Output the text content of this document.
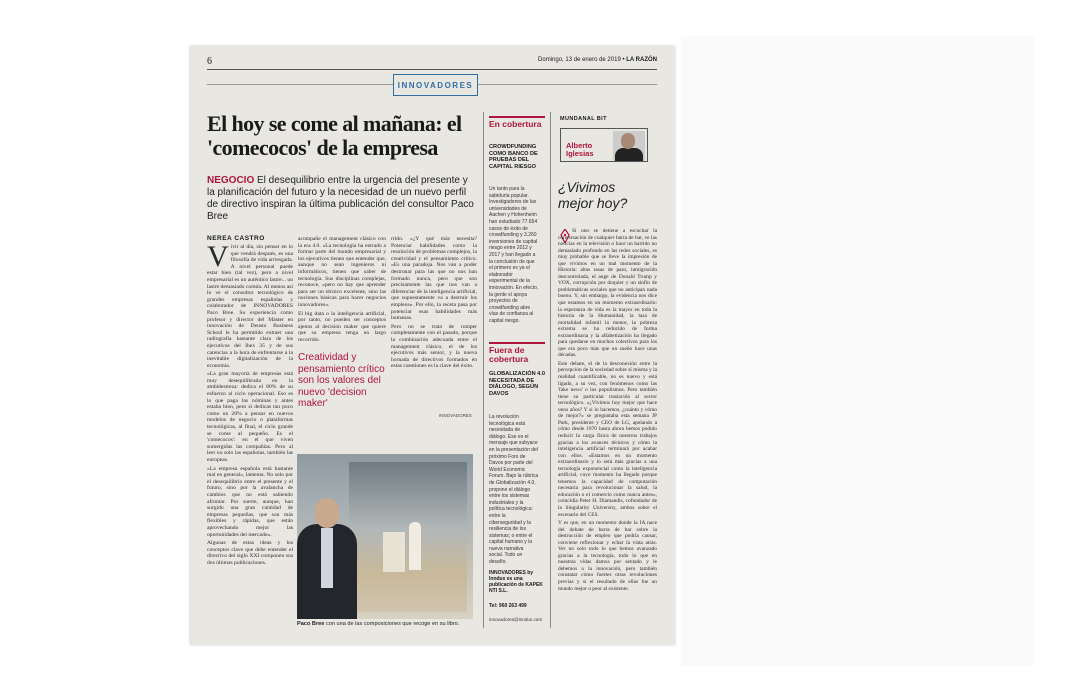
6	Domingo, 13 de enero de 2019 • LA RAZÓN
INNOVADORES
El hoy se come al mañana: el
'comecocos' de la empresa
NEGOCIO El desequilibrio entre la urgencia del presente y la planificación del futuro y la necesidad de un nuevo perfil de directivo inspiran la última publicación del consultor Paco Bree
NEREA CASTRO
V ivir al día, sin pensar en lo que vendrá después, es una filosofía de vida arriesgada. A nivel personal puede estar bien (tal vez), pero a nivel empresarial es un auténtico lastre... un lastre demasiado común. Al menos así lo ve el consultor tecnológico de grandes empresas españolas y colaborador de INNOVADORES Paco Bree. Su experiencia como profesor y director del Máster en innovación de Deusto Business School le ha permitido extraer una radiografía bastante clara de los ejecutivos del Ibex 35 y de sus carencias a la hora de enfrentarse a la inevitable digitalización de la economía.

«La gran mayoría de empresas está muy desequilibrada en la ambidestreza: dedica el 80% de su esfuerzo al ciclo operacional. Eso es lo que paga las nóminas y antes estaba bien, pero si dedicas tan poco como un 20% a pensar en nuevos modelos de negocio o plataformas tecnológicas, al final, el ciclo grande se come al pequeño. Es el 'comecocos': en el que viven sumergidas las compañías. Pero al leer no solo las españolas, también las europeas.

«La empresa española está bastante mal en general», lamenta. No solo por el desequilibrio entre el presente y el futuro, sino por la avalancha de cambios que no está sabiendo afrontar. Por suerte, aunque, han surgido una gran cantidad de empresas pequeñas, que son más flexibles y rápidas, que están aprovechando mejor las oportunidades del mercado».

Algunas de estas ideas y los conceptos clave que debe entender el directivo del siglo XXI componen sus dos últimas publicaciones.

acompañe el management clásico con la era 4.0. «La tecnología ha entrado a formar parte del mundo empresarial y los ejecutivos tienen que entender que, aunque no sean ingenieros ni informáticos, tienen que saber de tecnología. Sus disciplinas complejas, reconoce, «pero no hay que aprender para ser un técnico excelente, sino las nociones básicas para hacer negocios innovadores».

El big data o la inteligencia artificial, por tanto, no pueden ser conceptos ajenos al decision maker que quiere que su empresa tenga un largo recorrido.

Creatividad y pensamiento crítico son los valores del nuevo 'decision maker'

rrido. «¿Y qué más necesita? Potenciar habilidades como la resolución de problemas complejos, la creatividad y el pensamiento crítico. «Es una paradoja. Nos van a poder destronar para las que no nos han formado nunca, pero que son precisamente las que nos van a diferenciar de la inteligencia artificial, que supuestamente va a destruir los empleos». Por ello, la receta pasa por potenciar esas habilidades más humanas.

Pero no se trata de romper completamente con el pasado, porque la combinación adecuada entre el management clásico, el de los ejecutivos más senior, y la nueva hornada de directivos formados en estas cuestiones es la clave del éxito.

INNOVADORES
Paco Bree con una de las composiciones que recoge en su libro.
En cobertura
CROWDFUNDING COMO BANCO DE PRUEBAS DEL CAPITAL RIESGO
Un tanto para la sabiduría popular. Investigadores de las universidades de Aachen y Hohenheim han estudiado 77.654 casos de éxito de crowdfunding y 3.260 inversiones de capital riesgo entre 2012 y 2017 y han llegado a la conclusión de que el primero es ya el elaborador experimental de la innovación. En efecto, la gente sí apoya proyectos de crowdfunding abre vías de confianza al capital riesgo.
Fuera de cobertura
GLOBALIZACIÓN 4.0 NECESITADA DE DIÁLOGO, SEGÚN DAVOS
La revolución tecnológica está necesitada de diálogo. Ese es el mensaje que subyace en la presentación del próximo Foro de Davos por parte del World Economic Forum. Bajo la rúbrica de Globalización 4.0, propone el diálogo entre los sistemas industriales y la política tecnológica: entre la ciberseguridad y la resiliencia de los sistemas; o entre el capital humano y la nueva narrativa social. Todo un desafío.
INNOVADORES by Inndux es una publicación de KAPEK NTI S.L.
Tel: 960 263 499
innovadores@inndux.com
MUNDANAL BIT
Alberto
Iglesias
¿Vivimos
mejor hoy?

Si uno se detiene a escuchar la conversación de cualquier barra de bar, ve las noticias en la televisión o hace un barrido no demasiado profundo en las redes sociales, es muy probable que se lleve la impresión de que vivimos en un mal momento de la Historia: altas tasas de paro, inmigración descontrolada, el auge de Donald Trump y VOX, corrupción por doquier y un sinfín de problemáticas sociales que no anticipan nada bueno. Y, sin embargo, la evidencia nos dice que estamos en un momento extraordinario: la esperanza de vida es la mayor en toda la historia de la Humanidad, la tasa de mortalidad infantil la menor, la pobreza extrema se ha reducido de forma extraordinaria y la alfabetización ha llegado para quedarse en muchos colectivos para los que era poco más que un sueño hace unas décadas.

Este debate, el de la desconexión entre la percepción de la sociedad sobre sí misma y la realidad cuantificable, no es nuevo y está ligado, a su vez, con fenómenos como las 'fake news' o los populismos. Pero también tiene su particular traslación al sector tecnológico. «¿Vivimos hoy mejor que hace unos años? Y si lo hacemos, ¿cuánto y cómo de mejor?» se preguntaba esta semana JP Park, presidente y CEO de LG, apelando a cómo desde 1970 hasta ahora hemos podido reducir la carga física de nuestros trabajos gracias a los avances técnicos y cómo la inteligencia artificial terminará por acabar con ellos. «Estamos en un momento extraordinario y lo será más gracias a una tecnología exponencial como la inteligencia artificial, cuyo momento ha llegado porque tenemos la capacidad de computación necesaria para revolucionar la salud, la educación o el comercio como nunca antes», coincidía Peter H. Diamandis, cofundador de la Singularity University, ambos sobre el escenario del CES.

Y es que, en un momento donde la IA nace del debate de barra de bar sobre la destrucción de empleo que podría causar, conviene reflexionar y echar la vista atrás. Ver no solo todo lo que hemos avanzado gracias a la tecnología, todo lo que en nuestras vidas damos por sentado y le debemos a la innovación, pero también constatar cómo fuertes otras revoluciones previas y si el resultado de ellas fue un mundo mejor o peor al existente.
